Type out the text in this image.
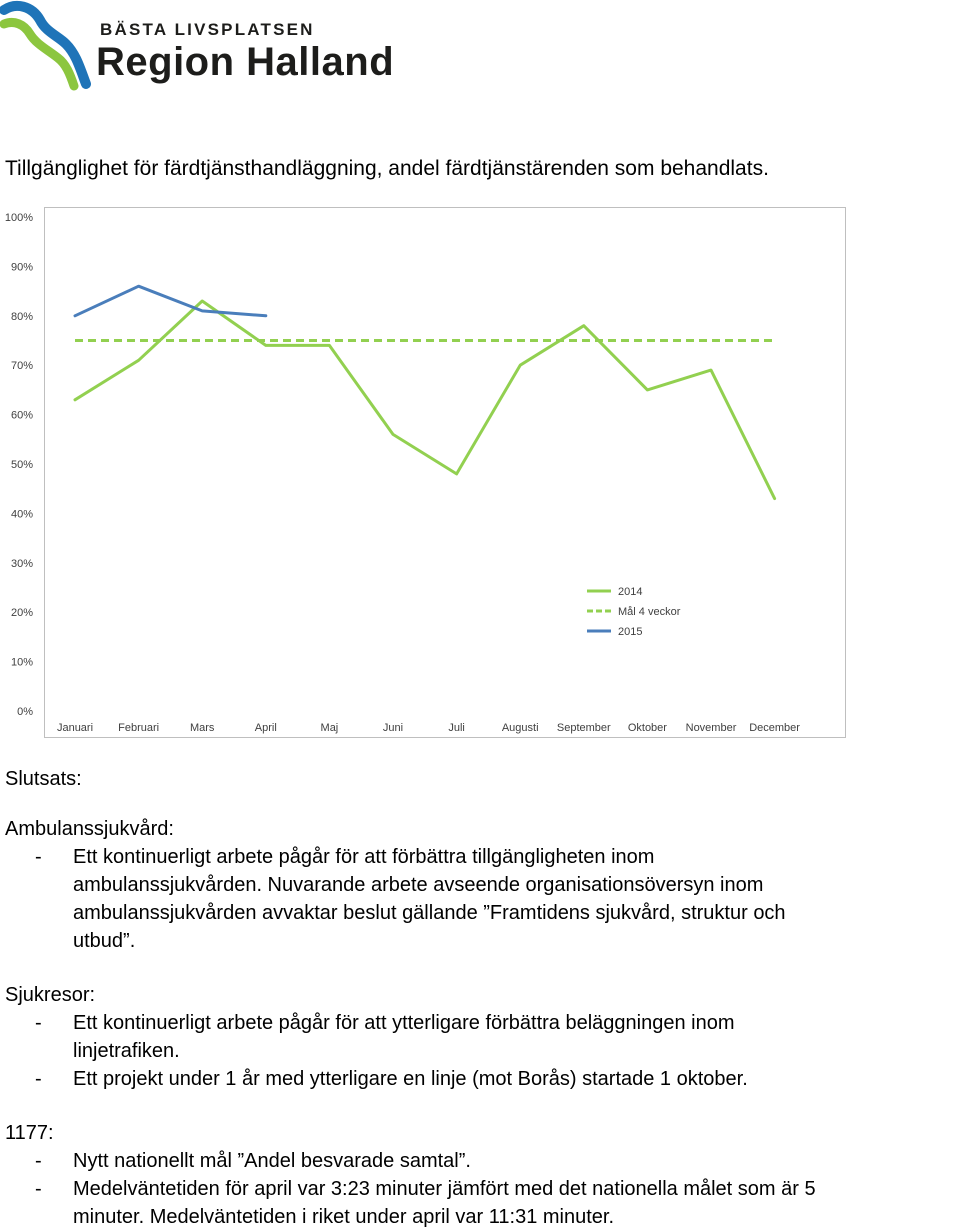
BÄSTA LIVSPLATSEN
Region Halland
Tillgänglighet för färdtjänsthandläggning, andel färdtjänstärenden som behandlats.
0%
10%
20%
30%
40%
50%
60%
70%
80%
90%
100%
Januari Februari	Mars	April	Maj	Juni	Juli	Augusti September Oktober November December
2014
Mål 4 veckor
2015
Slutsats:
Ambulanssjukvård:
- Ett kontinuerligt arbete pågår för att förbättra tillgängligheten inom
ambulanssjukvården. Nuvarande arbete avseende organisationsöversyn inom
ambulanssjukvården avvaktar beslut gällande ”Framtidens sjukvård, struktur och
utbud”.
Sjukresor:
- Ett kontinuerligt arbete pågår för att ytterligare förbättra beläggningen inom
linjetrafiken.
- Ett projekt under 1 år med ytterligare en linje (mot Borås) startade 1 oktober.
1177:
- Nytt nationellt mål ”Andel besvarade samtal”.
- Medelväntetiden för april var 3:23 minuter jämfört med det nationella målet som är 5
minuter. Medelväntetiden i riket under april var 11:31 minuter.
